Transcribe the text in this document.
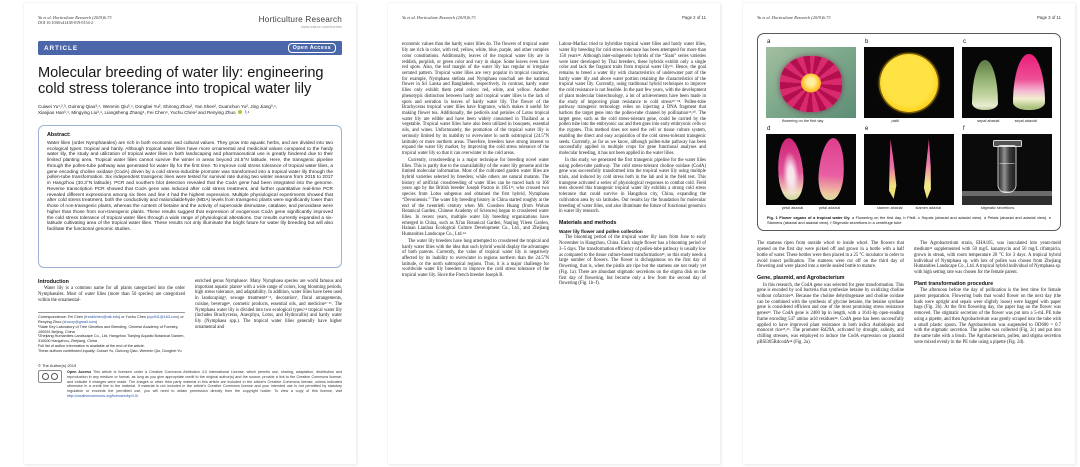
Yu et al. Horticulture Research (2019)6:73
DOI 10.1038/s41438-019-0154-2	Horticulture Research
www.nature.com/hortres
ARTICLE	Open Access
Molecular breeding of water lily: engineering cold stress tolerance into tropical water lily
Cuiwei Yu¹,²,³, Guirong Qiao³,⁴, Wenmin Qiu³,⁴, Dongbei Yu², Shirong Zhou², Yan Shen², Guanchun Yu², Jing Jiang³,⁴,
Xiaojiao Han³,⁴, Mingying Liu³,⁴, Liangsheng Zhang⁴, Fei Chen⁴, Yuchu Chen² and Renying Zhuo ³,⁴
Abstract:

Water lilies (order Nymphaeales) are rich in both economic and cultural values. They grow into aquatic herbs, and are divided into two ecological types: tropical and hardy. Although tropical water lilies have more ornamental and medicinal values compared to the hardy water lily, the study and utilization of tropical water lilies in both landscaping and pharmaceutical use is greatly hindered due to their limited planting area. Tropical water lilies cannot survive the winter in areas beyond 24.5°N latitude. Here, the transgenic pipeline through the pollen-tube pathway was generated for water lily for the first time. To improve cold stress tolerance of tropical water lilies, a gene encoding choline oxidase (CodA) driven by a cold stress-inducible promoter was transformed into a tropical water lily through the pollen-tube transformation. Six independent transgenic lines were tested for survival rate during two winter seasons from 2015 to 2017 in Hangzhou (30.3°N latitude). PCR and southern blot detection revealed that the CodA gene had been integrated into the genome. Reverse transcription PCR showed that CodA gene was induced after cold stress treatment, and further quantitative real-time PCR revealed different expressions among six lines and line 4 had the highest expression. Multiple physiological experiments showed that after cold stress treatment, both the conductivity and malondialdehyde (MDA) levels from transgenic plants were significantly lower than those of non-transgenic plants, whereas the content of betaine and the activity of superoxide dismutase, catalase, and peroxidase were higher than those from non-transgenic plants. These results suggest that expression of exogenous CodA gene significantly improved the cold stress tolerance of tropical water lilies through a wide range of physiological alterations. Our results currently expanded a six-latitude cultivating area of the tropical water lilies. These results not only illuminate the bright future for water lily breeding but will also facilitate the functional genomic studies.

Introduction

Water lily is a common name for all plants categorized into the order Nymphaeales. Most of water lilies (more than 50 species) are categorized within the ornamental-

Correspondence: Fei Chen (frankfchen@utk.edu) or Yuchu Chen (cyc911@163.com) or Renying Zhuo (zhuory@gmail.com)

¹State Key Laboratory of Tree Genetics and Breeding, Chinese Academy of Forestry, 100091 Beijing, China

²Zhejiang Humanities Landscape Co., Ltd, Hangzhou Tianjing Aquatic Botanical Garden, 310000 Hangzhou, Zhejiang, China

Full list of author information is available at the end of the article.

These authors contributed equally: Cuiwei Yu, Guirong Qiao, Wenmin Qiu, Dongbei Yu

enriched genus Nymphaea¹. Many Nymphaea species are world famous and important aquatic plants² with a wide range of colors, long blooming periods, high stress tolerance, and adaptability. In addition, water lilies have been used in landscaping³, sewage treatment⁴⁻⁶, decoration⁷, floral arrangements, cuisine, beverage⁸, cosmetic products, essential oils, and medicine⁹⁻¹¹. The Nymphaea water lily is divided into two ecological types:¹² tropical water lily (includes Brachyceras, Anecphya, Lotos, and Hydrocallis) and hardy water lily (Nymphaea spp.). The tropical water lilies generally have higher ornamental and

© The Author(s) 2019

Open Access This article is licensed under a Creative Commons Attribution 4.0 International License, which permits use, sharing, adaptation, distribution and reproduction in any medium or format, as long as you give appropriate credit to the original author(s) and the source, provide a link to the Creative Commons license, and indicate if changes were made. The images or other third party material in this article are included in the article's Creative Commons license, unless indicated otherwise in a credit line to the material. If material is not included in the article's Creative Commons license and your intended use is not permitted by statutory regulation or exceeds the permitted use, you will need to obtain permission directly from the copyright holder. To view a copy of this license, visit http://creativecommons.org/licenses/by/4.0/.

Yu et al. Horticulture Research (2019)6:73	Page 2 of 11

economic values than the hardy water lilies do. The flowers of tropical water lily are rich in color, with red, yellow, white, blue, purple, and other complex color constitutions. Additionally, leaves of the tropical water lily are in reddish, purplish, or green color and vary in shape. Some leaves even have red spots. Also, the leaf margin of the water lily has regular or irregular serrated pattern. Tropical water lilies are very popular in tropical countries, for example, Nymphaea stellata and Nymphaea nouchali are the national flower in Sri Lanka and Bangladesh, respectively. In contrast, hardy water lilies only exhibit them petal colors: red, white, and yellow. Another phenotypic distinction between hardy and tropical water lilies is the lack of spots and serration in leaves of hardy water lily. The flower of the Brachyceras tropical water lilies have fragrance, which makes it useful for making flower tea. Additionally, the pedicels and petioles of Lotos tropical water lily are edible and have been widely consumed in Thailand as a vegetable. Tropical water lilies have also been utilized in bouquets, essential oils, and wines. Unfortunately, the promotion of the tropical water lily is seriously limited by its inability to overwinter in north subtropical (24.5°N latitude) or more northern areas. Therefore, breeders have strong interest to expand the water lily market, by improving the cold stress tolerance of the tropical water lily so that it can overwinter in the cold areas.

Currently, crossbreeding is a major technique for breeding novel water lilies. This is partly due to the unavailability of the water lily genome and the limited molecular information. Most of the cultivated garden water lilies are hybrid varieties selected by breeders, while others are natural mutants. The history of artificial crossbreeding of water lilies can be traced back to 166 years ago by the British breeder Joseph Paxton in 1851¹³, who crossed two species from Lotos subgenus and obtained the first hybrid, Nymphaea “Devoniensis.” The water lily breeding history in China started roughly at the end of the twentieth century when Mr. Guoshen Huang (from Wuhan Botanical Garden, Chinese Academy of Sciences) began to crossbreed water lilies. In recent years, multiple water lily breeding organizations have emerged in China, such as Xi'an Botanical Garden, Nanjing Yileen Garden, Hainan Lianhua Ecological Culture Development Co., Ltd., and Zhejiang Humanities Landscape Co., Ltd.¹⁴

The water lily breeders have long attempted to crossbreed the tropical and hardy water lilies with the idea that such hybrid would display the advantages of both parents. Currently, the value of tropical water lily is negatively affected by its inability to overwinter in regions northern than the 24.5°N latitude, or the north subtropical regions. Thus, it is a major challenge for worldwide water lily breeders to improve the cold stress tolerance of the tropical water lily. Since the French breeder Joseph B.

Latour-Marliac tried to hybridize tropical water lilies and hardy water lilies, water lily breeding for cold stress tolerance has been attempted for more than 150 years¹⁸. Although inter-subgeneric hybrids of the “Siam” series varieties were later developed by Thai breeders, these hybrids exhibit only a single color and lack the fragrant traits from tropical water lily¹⁹. Hence, the goal remains to breed a water lily with characteristics of underwater part of the hardy water lily and above water portion retaining the characteristics of the tropical water lily. Currently, using traditional hybrid techniques to improve the cold resistance is not feasible. In the past few years, with the development of plant molecular biotechnology, a lot of achievements have been made in the study of improving plant resistance to cold stress¹⁵⁻¹⁸. Pollen-tube pathway transgenic technology relies on injecting a DNA fragment that harbors the target gene into the pollen-tube channel by pollination¹⁵,²⁰. The target gene, such as the cold stress-tolerant gene, could be carried by the pollen tube into the embryonic sac and then goes into early embryonic cells or the zygotes. This method does not need the cell or tissue culture system, enabling the direct and easy acquisition of the cold stress-tolerant transgenic seeds. Currently, as far as we know, although pollen-tube pathway has been successfully applied in multiple crops for gene functional analyses and molecular breeding, it has not been applied in the water lilies.

In this study, we generated the first transgenic pipeline for the water lilies using pollen-tube pathway. The cold stress-tolerant choline oxidase (CodA) gene was successfully transformed into the tropical water lily using multiple trials, and induced by cold stress both in the lab and in the field test. This transgene activated a series of physiological responses to combat cold. Field tests showed this transgenic tropical water lily exhibits a strong cold stress tolerance that could survive in Hangzhou city, China, expanding the cultivation area by six latitudes. Our results lay the foundation for molecular breeding of water lilies, and also illuminate the future of functional genomics in water lily research.

Materials and methods
Water lily flower and pollen collection

The blooming period of the tropical water lily lasts from June to early November in Hangzhou, China. Each single flower has a blooming period of 3–5 days. The transformation efficiency of pollen-tube pathway is usually low as compared to the tissue culture-based transformation²¹, so this study needs a large number of flowers. The flower is dichogamous on the first day of flowering, that is, when the pistils are ripe but the stamens are not ready yet (Fig. 1a). There are abundant stigmatic secretions on the stigma disk on the first day of flowering, but become only a few from the second day of flowering (Fig. 1b–f).

Yu et al. Horticulture Research (2019)6:73	Page 3 of 11
a
flowering on the first day
b
pistil
c
sepal abaxial	sepal adaxial
d
petal abaxial	petal adaxial
e
stamen abaxial	stamen adaxial
f
stigmatic secretions

Fig. 1 Flower organs of a tropical water lily. a Flowering on the first day. b Pistil. c Sepals (abaxial and adaxial view). d Petals (abaxial and adaxial view). e Stamens (abaxial and adaxial view). f Stigmatic secretions in a centrifuge tube

The stamens ripen from outside whorl to inside whorl. The flowers that opened on the first day were picked off and grown in a bottle with a half bottle of water. These bottles were then placed in a 25 °C incubator in order to avoid insect pollination. The stamens were cut off on the third day of flowering and were placed into a sterile sealed bottle to mature.

Gene, plasmid, and Agrobacterium

In this research, the CodA gene was selected for gene transformation. This gene is encoded by soil bacteria that synthesize betaine by oxidizing choline without cofactors²². Because the choline dehydrogenase and choline oxidase can be combined with the synthesis of glycine betaine, the betaine synthase gene is considered efficient and one of the most promising stress resistance genes²³. The CodA gene is 2400 bp in length, with a 1641-bp open-reading frame encoding 547 amino acid residues²⁴. CodA gene has been successfully applied to have improved plant resistance in both indica Arabidopsis and monocot rice²⁵,²⁶. The promoter Rd29A, activated by drought, salinity, and chilling stresses, was employed to induce the CodA expression on plasmid pBSI305RdcodA²⁴ (Fig. 2a).

The Agrobacterium strain, EHA105, was inoculated into yeast-mold medium²² supplemented with 50 mg/L kanamycin and 50 mg/L rifampicin, grown in streak, with room temperature 28 °C for 3 days. A tropical hybrid individual of Nymphaea sp. with lots of pollen was chosen from Zhejiang Humanities Landscape Co., Ltd. A tropical hybrid individual of Nymphaea sp. with high setting rate was chosen for the female parent.

Plant transformation procedure

The afternoon before the day of pollination is the best time for female parent preparation. Flowering buds that would flower on the next day (the buds were upright and sepals were slightly loose) were bagged with paper bags (Fig. 2b). At the first flowering day, the paper bag on the flower was removed. The stigmatic secretion of the flower was put into a 5-mL PE tube using a pipette, and then Agrobacterium was gently scraped into the tube with a small plastic spoon. The Agrobacterium was suspended to OD600 = 0.7 with the stigmatic secretion. The pollen was collected (Fig. 2c) and put into the same tube with a brush. The Agrobacterium, pollen, and stigma secretion were mixed evenly in the PE tube using a pipette (Fig. 2d).
